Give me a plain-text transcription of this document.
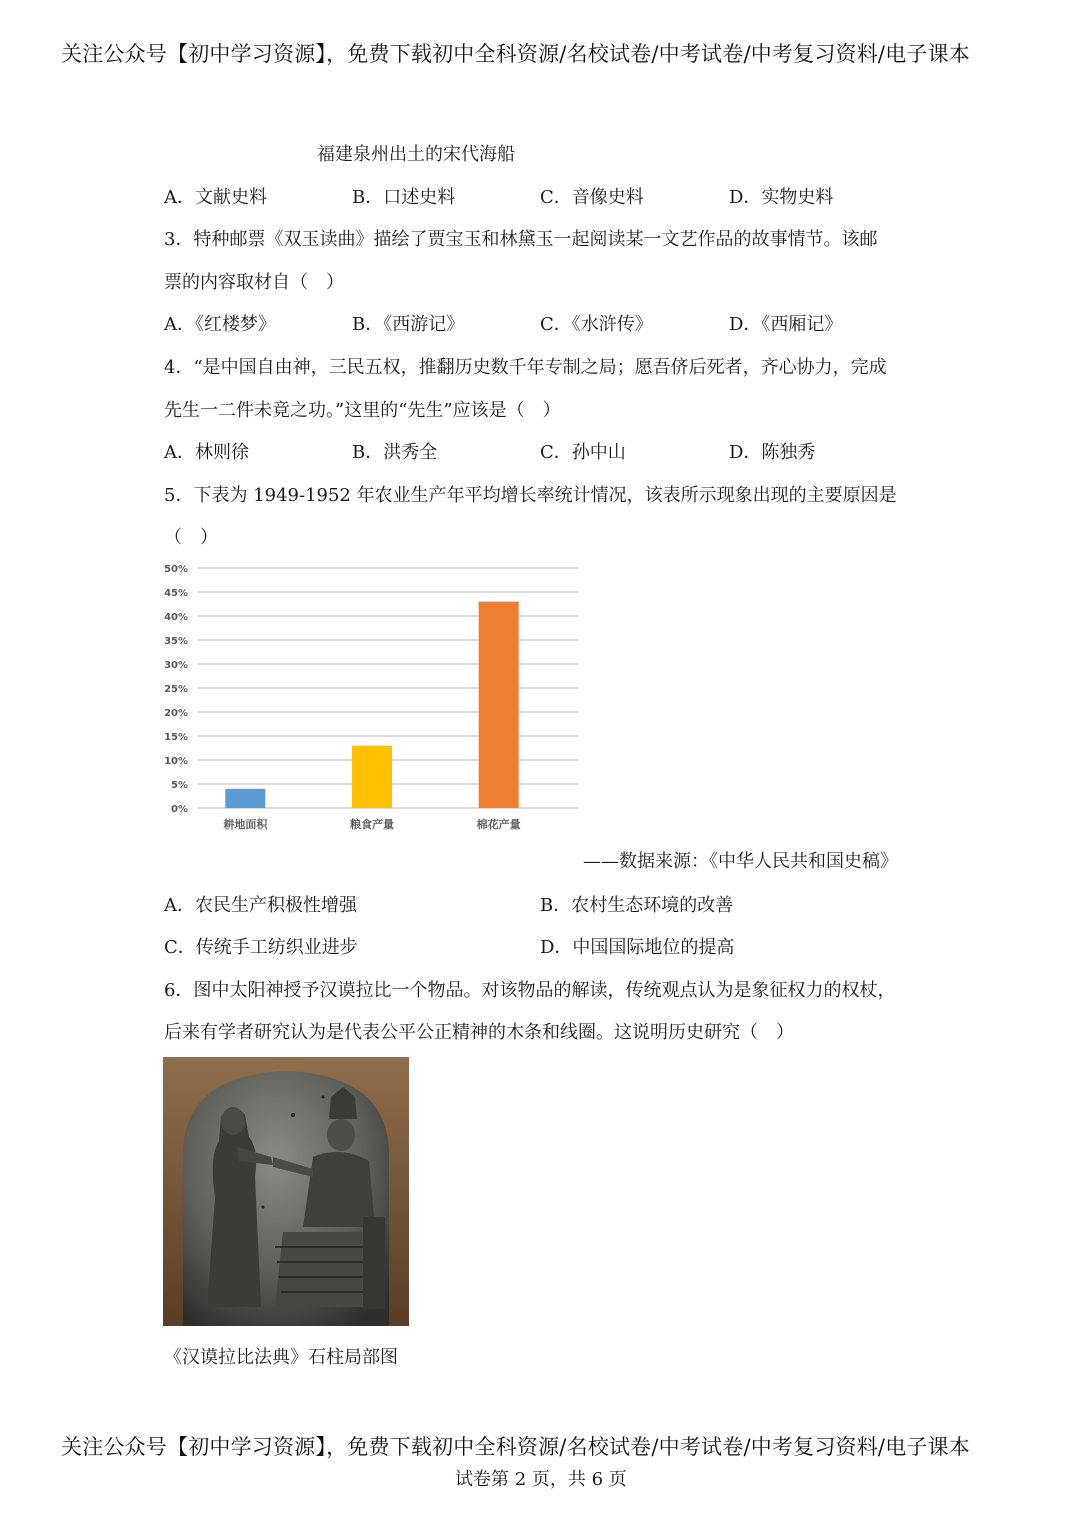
关注公众号【初中学习资源】，免费下载初中全科资源/名校试卷/中考试卷/中考复习资料/电子课本
福建泉州出土的宋代海船
A．文献史料	B．口述史料	C．音像史料	D．实物史料
3．特种邮票《双玉读曲》描绘了贾宝玉和林黛玉一起阅读某一文艺作品的故事情节。该邮
票的内容取材自（　）
A．《红楼梦》	B．《西游记》	C．《水浒传》	D．《西厢记》
4．“是中国自由神，三民五权，推翻历史数千年专制之局；愿吾侪后死者，齐心协力，完成
先生一二件未竟之功。”这里的“先生”应该是（　）
A．林则徐	B．洪秀全	C．孙中山	D．陈独秀
5．下表为 1949-1952 年农业生产年平均增长率统计情况，该表所示现象出现的主要原因是
（　）
0%
5%
10%
15%
20%
25%
30%
35%
40%
45%
50%
耕地面积	粮食产量	棉花产量
——数据来源：《中华人民共和国史稿》
A．农民生产积极性增强	B．农村生态环境的改善
C．传统手工纺织业进步	D．中国国际地位的提高
6．图中太阳神授予汉谟拉比一个物品。对该物品的解读，传统观点认为是象征权力的权杖，
后来有学者研究认为是代表公平公正精神的木条和线圈。这说明历史研究（　）
《汉谟拉比法典》石柱局部图
关注公众号【初中学习资源】，免费下载初中全科资源/名校试卷/中考试卷/中考复习资料/电子课本
试卷第 2 页，共 6 页
